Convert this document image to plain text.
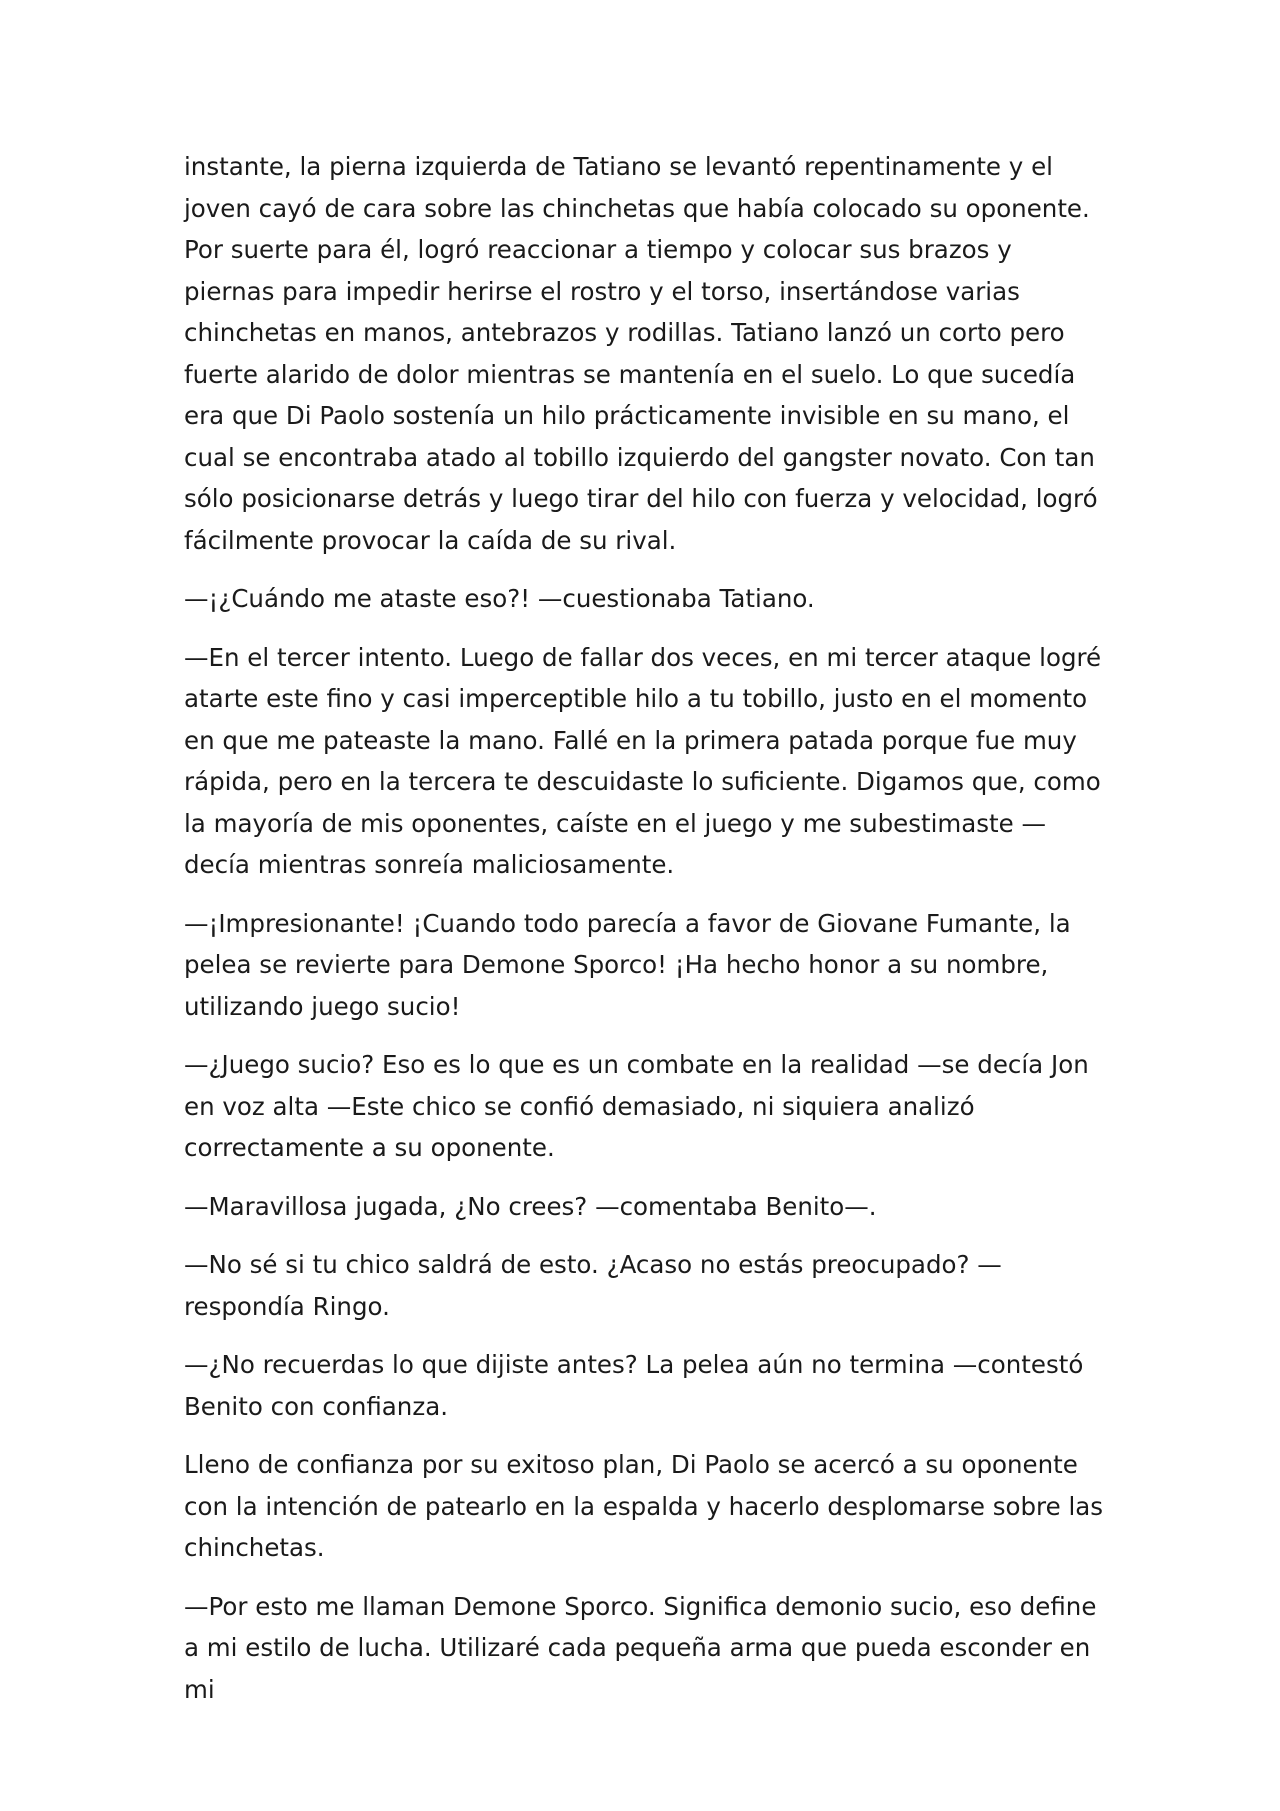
instante, la pierna izquierda de Tatiano se levantó repentinamente y el joven cayó de cara sobre las chinchetas que había colocado su oponente. Por suerte para él, logró reaccionar a tiempo y colocar sus brazos y piernas para impedir herirse el rostro y el torso, insertándose varias chinchetas en manos, antebrazos y rodillas. Tatiano lanzó un corto pero fuerte alarido de dolor mientras se mantenía en el suelo. Lo que sucedía era que Di Paolo sostenía un hilo prácticamente invisible en su mano, el cual se encontraba atado al tobillo izquierdo del gangster novato. Con tan sólo posicionarse detrás y luego tirar del hilo con fuerza y velocidad, logró fácilmente provocar la caída de su rival.

—¡¿Cuándo me ataste eso?! —cuestionaba Tatiano.

—En el tercer intento. Luego de fallar dos veces, en mi tercer ataque logré atarte este fino y casi imperceptible hilo a tu tobillo, justo en el momento en que me pateaste la mano. Fallé en la primera patada porque fue muy rápida, pero en la tercera te descuidaste lo suficiente. Digamos que, como la mayoría de mis oponentes, caíste en el juego y me subestimaste —decía mientras sonreía maliciosamente.

—¡Impresionante! ¡Cuando todo parecía a favor de Giovane Fumante, la pelea se revierte para Demone Sporco! ¡Ha hecho honor a su nombre, utilizando juego sucio!

—¿Juego sucio? Eso es lo que es un combate en la realidad —se decía Jon en voz alta —Este chico se confió demasiado, ni siquiera analizó correctamente a su oponente.

—Maravillosa jugada, ¿No crees? —comentaba Benito—.

—No sé si tu chico saldrá de esto. ¿Acaso no estás preocupado? —respondía Ringo.

—¿No recuerdas lo que dijiste antes? La pelea aún no termina —contestó Benito con confianza.

Lleno de confianza por su exitoso plan, Di Paolo se acercó a su oponente con la intención de patearlo en la espalda y hacerlo desplomarse sobre las chinchetas.

—Por esto me llaman Demone Sporco. Significa demonio sucio, eso define a mi estilo de lucha. Utilizaré cada pequeña arma que pueda esconder en mi
